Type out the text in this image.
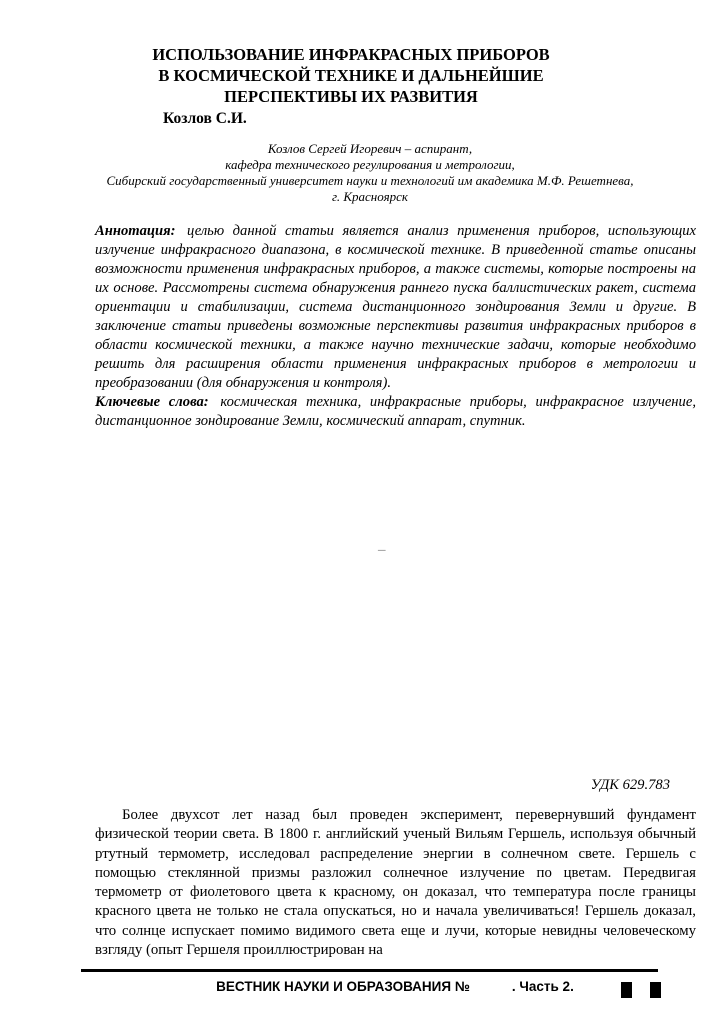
ИСПОЛЬЗОВАНИЕ ИНФРАКРАСНЫХ ПРИБОРОВ
В КОСМИЧЕСКОЙ ТЕХНИКЕ И ДАЛЬНЕЙШИЕ
ПЕРСПЕКТИВЫ ИХ РАЗВИТИЯ
Козлов С.И.
Козлов Сергей Игоревич – аспирант,
кафедра технического регулирования и метрологии,
Сибирский государственный университет науки и технологий им академика М.Ф. Решетнева,
г. Красноярск

Аннотация: целью данной статьи является анализ применения приборов, использующих излучение инфракрасного диапазона, в космической технике. В приведенной статье описаны возможности применения инфракрасных приборов, а также системы, которые построены на их основе. Рассмотрены система обнаружения раннего пуска баллистических ракет, система ориентации и стабилизации, система дистанционного зондирования Земли и другие. В заключение статьи приведены возможные перспективы развития инфракрасных приборов в области космической техники, а также научно технические задачи, которые необходимо решить для расширения области применения инфракрасных приборов в метрологии и преобразовании (для обнаружения и контроля).

Ключевые слова: космическая техника, инфракрасные приборы, инфракрасное излучение, дистанционное зондирование Земли, космический аппарат, спутник.

–
УДК 629.783

Более двухсот лет назад был проведен эксперимент, перевернувший фундамент физической теории света. В 1800 г. английский ученый Вильям Гершель, используя обычный ртутный термометр, исследовал распределение энергии в солнечном свете. Гершель с помощью стеклянной призмы разложил солнечное излучение по цветам. Передвигая термометр от фиолетового цвета к красному, он доказал, что температура после границы красного цвета не только не стала опускаться, но и начала увеличиваться! Гершель доказал, что солнце испускает помимо видимого света еще и лучи, которые невидны человеческому взгляду (опыт Гершеля проиллюстрирован на

ВЕСТНИК НАУКИ И ОБРАЗОВАНИЯ №	. Часть 2.
